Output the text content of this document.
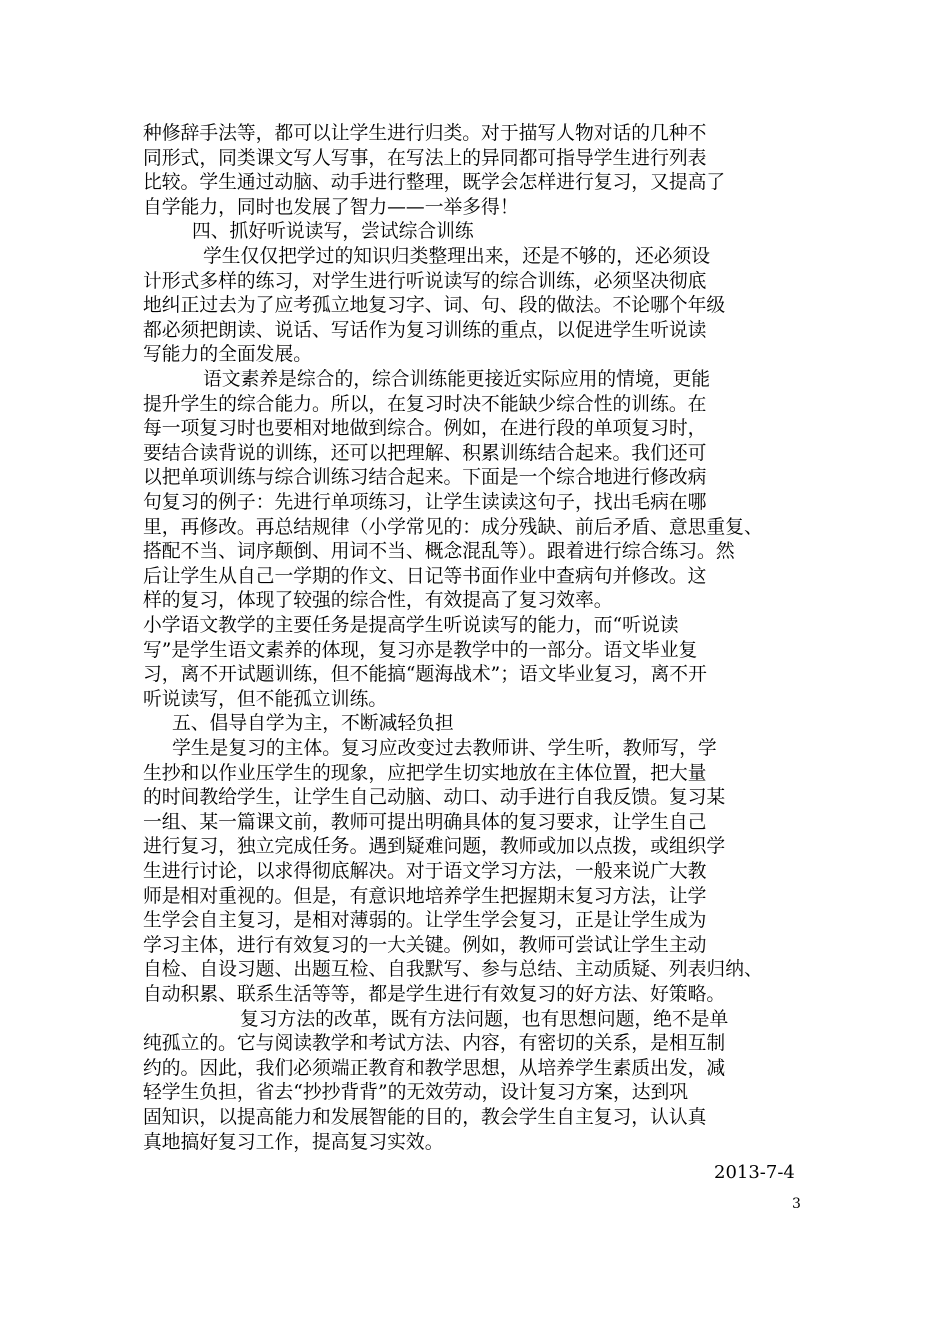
种修辞手法等，都可以让学生进行归类。对于描写人物对话的几种不
同形式，同类课文写人写事，在写法上的异同都可指导学生进行列表
比较。学生通过动脑、动手进行整理，既学会怎样进行复习，又提高了
自学能力，同时也发展了智力——一举多得！
四、抓好听说读写，尝试综合训练
学生仅仅把学过的知识归类整理出来，还是不够的，还必须设
计形式多样的练习，对学生进行听说读写的综合训练，必须坚决彻底
地纠正过去为了应考孤立地复习字、词、句、段的做法。不论哪个年级
都必须把朗读、说话、写话作为复习训练的重点，以促进学生听说读
写能力的全面发展。
语文素养是综合的，综合训练能更接近实际应用的情境，更能
提升学生的综合能力。所以，在复习时决不能缺少综合性的训练。在
每一项复习时也要相对地做到综合。例如，在进行段的单项复习时，
要结合读背说的训练，还可以把理解、积累训练结合起来。我们还可
以把单项训练与综合训练习结合起来。下面是一个综合地进行修改病
句复习的例子：先进行单项练习，让学生读读这句子，找出毛病在哪
里，再修改。再总结规律（小学常见的：成分残缺、前后矛盾、意思重复、
搭配不当、词序颠倒、用词不当、概念混乱等）。跟着进行综合练习。然
后让学生从自己一学期的作文、日记等书面作业中查病句并修改。这
样的复习，体现了较强的综合性，有效提高了复习效率。
小学语文教学的主要任务是提高学生听说读写的能力，而“听说读
写”是学生语文素养的体现，复习亦是教学中的一部分。语文毕业复
习，离不开试题训练，但不能搞“题海战术”；语文毕业复习，离不开
听说读写，但不能孤立训练。
五、倡导自学为主，不断减轻负担
学生是复习的主体。复习应改变过去教师讲、学生听，教师写，学
生抄和以作业压学生的现象，应把学生切实地放在主体位置，把大量
的时间教给学生，让学生自己动脑、动口、动手进行自我反馈。复习某
一组、某一篇课文前，教师可提出明确具体的复习要求，让学生自己
进行复习，独立完成任务。遇到疑难问题，教师或加以点拨，或组织学
生进行讨论，以求得彻底解决。对于语文学习方法，一般来说广大教
师是相对重视的。但是，有意识地培养学生把握期末复习方法，让学
生学会自主复习，是相对薄弱的。让学生学会复习，正是让学生成为
学习主体，进行有效复习的一大关键。例如，教师可尝试让学生主动
自检、自设习题、出题互检、自我默写、参与总结、主动质疑、列表归纳、
自动积累、联系生活等等，都是学生进行有效复习的好方法、好策略。
复习方法的改革，既有方法问题，也有思想问题，绝不是单
纯孤立的。它与阅读教学和考试方法、内容，有密切的关系，是相互制
约的。因此，我们必须端正教育和教学思想，从培养学生素质出发，减
轻学生负担，省去“抄抄背背”的无效劳动，设计复习方案，达到巩
固知识，以提高能力和发展智能的目的，教会学生自主复习，认认真
真地搞好复习工作，提高复习实效。
2013-7-4
3
